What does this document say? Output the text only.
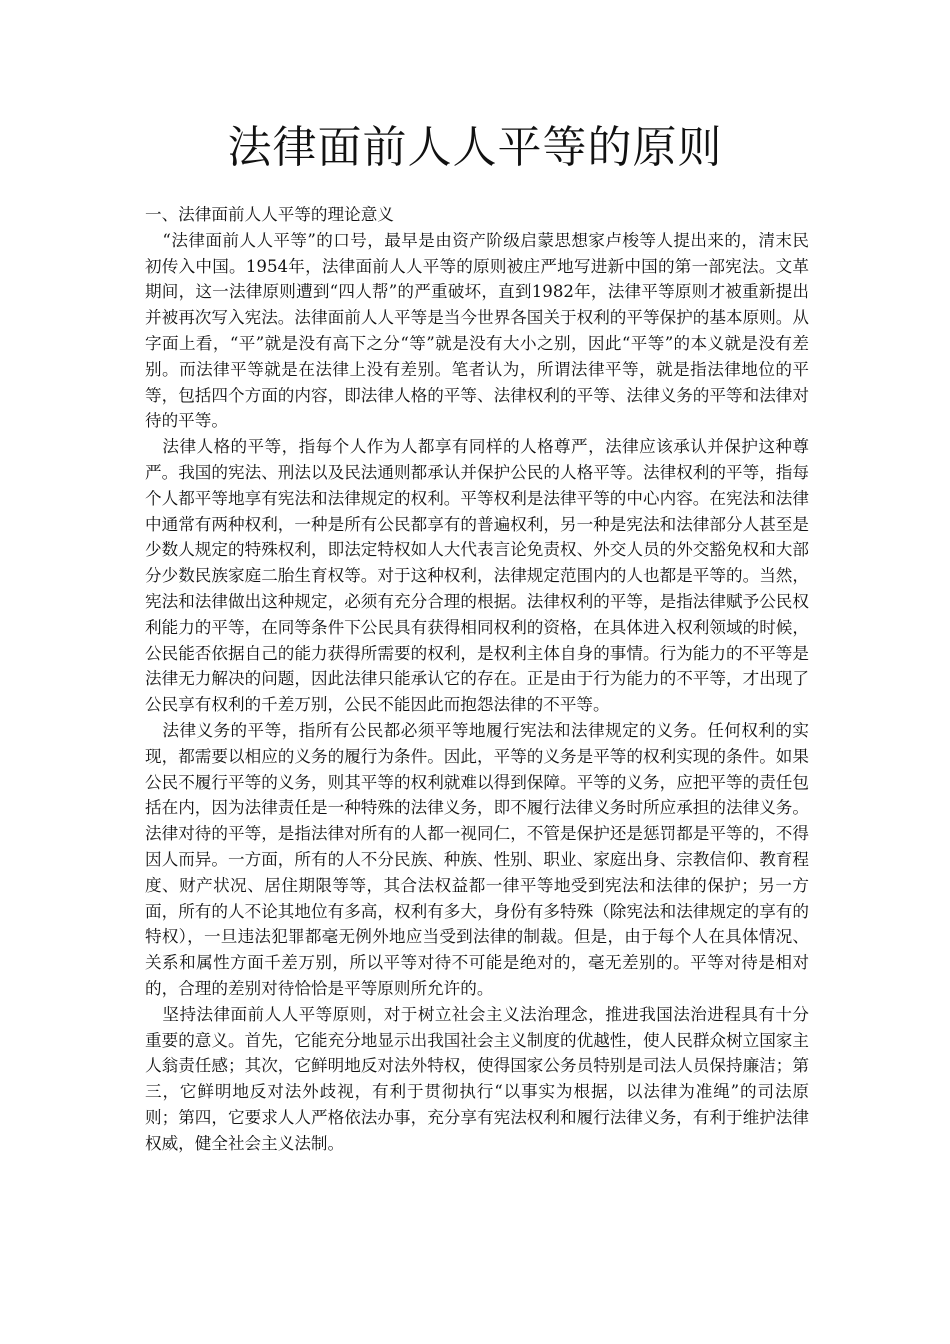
法律面前人人平等的原则

一、法律面前人人平等的理论意义

“法律面前人人平等”的口号，最早是由资产阶级启蒙思想家卢梭等人提出来的，清末民初传入中国。1954年，法律面前人人平等的原则被庄严地写进新中国的第一部宪法。文革期间，这一法律原则遭到“四人帮”的严重破坏，直到1982年，法律平等原则才被重新提出并被再次写入宪法。法律面前人人平等是当今世界各国关于权利的平等保护的基本原则。从字面上看，“平”就是没有高下之分“等”就是没有大小之别，因此“平等”的本义就是没有差别。而法律平等就是在法律上没有差别。笔者认为，所谓法律平等，就是指法律地位的平等，包括四个方面的内容，即法律人格的平等、法律权利的平等、法律义务的平等和法律对待的平等。

法律人格的平等，指每个人作为人都享有同样的人格尊严，法律应该承认并保护这种尊严。我国的宪法、刑法以及民法通则都承认并保护公民的人格平等。法律权利的平等，指每个人都平等地享有宪法和法律规定的权利。平等权利是法律平等的中心内容。在宪法和法律中通常有两种权利，一种是所有公民都享有的普遍权利，另一种是宪法和法律部分人甚至是少数人规定的特殊权利，即法定特权如人大代表言论免责权、外交人员的外交豁免权和大部分少数民族家庭二胎生育权等。对于这种权利，法律规定范围内的人也都是平等的。当然，宪法和法律做出这种规定，必须有充分合理的根据。法律权利的平等，是指法律赋予公民权利能力的平等，在同等条件下公民具有获得相同权利的资格，在具体进入权利领域的时候，公民能否依据自己的能力获得所需要的权利，是权利主体自身的事情。行为能力的不平等是法律无力解决的问题，因此法律只能承认它的存在。正是由于行为能力的不平等，才出现了公民享有权利的千差万别，公民不能因此而抱怨法律的不平等。

法律义务的平等，指所有公民都必须平等地履行宪法和法律规定的义务。任何权利的实现，都需要以相应的义务的履行为条件。因此，平等的义务是平等的权利实现的条件。如果公民不履行平等的义务，则其平等的权利就难以得到保障。平等的义务，应把平等的责任包括在内，因为法律责任是一种特殊的法律义务，即不履行法律义务时所应承担的法律义务。法律对待的平等，是指法律对所有的人都一视同仁，不管是保护还是惩罚都是平等的，不得因人而异。一方面，所有的人不分民族、种族、性别、职业、家庭出身、宗教信仰、教育程度、财产状况、居住期限等等，其合法权益都一律平等地受到宪法和法律的保护；另一方面，所有的人不论其地位有多高，权利有多大，身份有多特殊（除宪法和法律规定的享有的特权），一旦违法犯罪都毫无例外地应当受到法律的制裁。但是，由于每个人在具体情况、关系和属性方面千差万别，所以平等对待不可能是绝对的，毫无差别的。平等对待是相对的，合理的差别对待恰恰是平等原则所允许的。

坚持法律面前人人平等原则，对于树立社会主义法治理念，推进我国法治进程具有十分重要的意义。首先，它能充分地显示出我国社会主义制度的优越性，使人民群众树立国家主人翁责任感；其次，它鲜明地反对法外特权，使得国家公务员特别是司法人员保持廉洁；第三，它鲜明地反对法外歧视，有利于贯彻执行“以事实为根据，以法律为准绳”的司法原则；第四，它要求人人严格依法办事，充分享有宪法权利和履行法律义务，有利于维护法律权威，健全社会主义法制。
